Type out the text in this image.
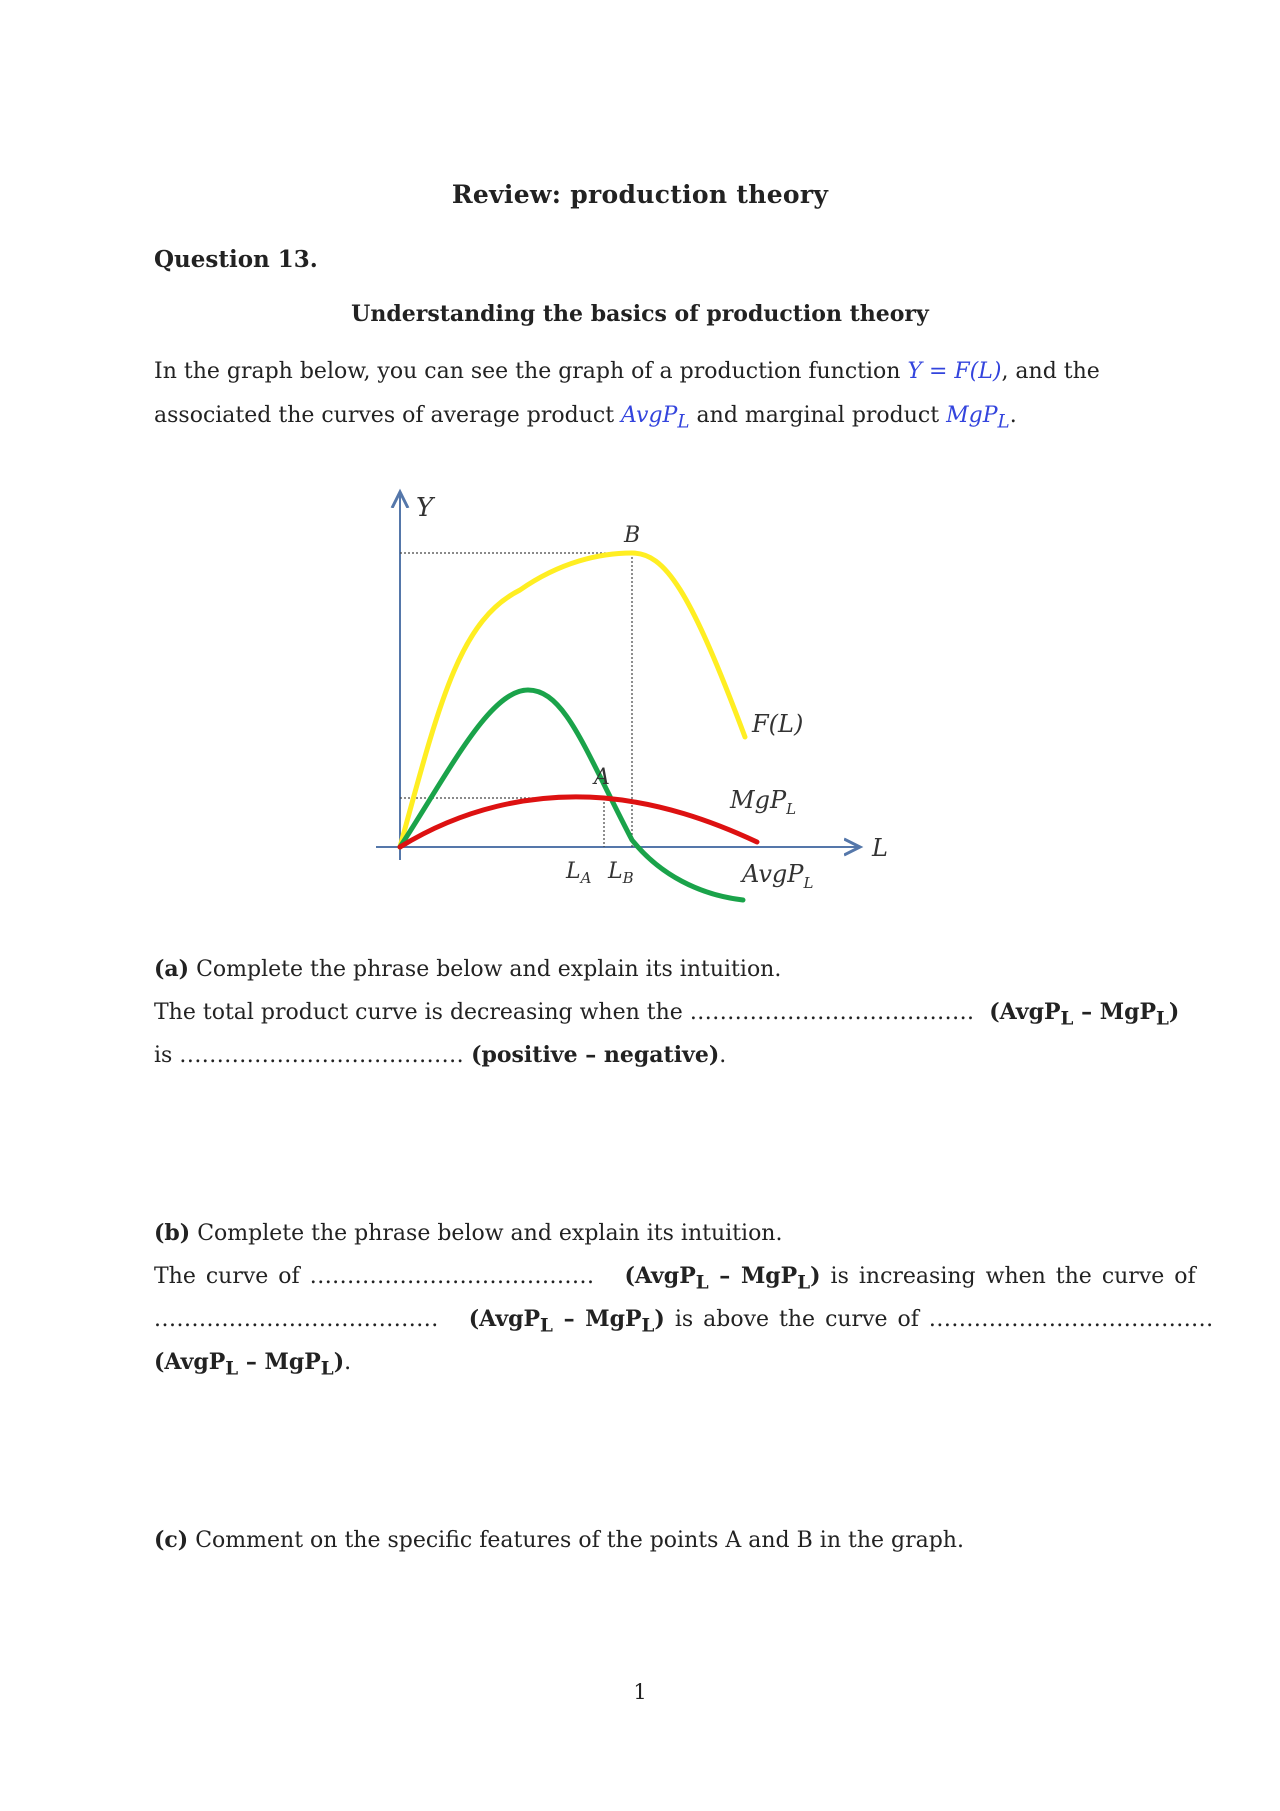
Review: production theory
Question 13.
Understanding the basics of production theory
In the graph below, you can see the graph of a production function Y = F(L), and the associated the curves of average product AvgP$_L$ and marginal product MgP$_L$.
Y
L
B
A
F(L)
MgP$_L$
AvgP$_L$
$L_A$ $L_B$
(a) Complete the phrase below and explain its intuition.
The total product curve is decreasing when the ...................................... (AvgP$_L$ – MgP$_L$)
is ...................................... (positive – negative).
(b) Complete the phrase below and explain its intuition.
The curve of ...................................... (AvgP$_L$ – MgP$_L$) is increasing when the curve of
...................................... (AvgP$_L$ – MgP$_L$) is above the curve of ......................................
(AvgP$_L$ – MgP$_L$).
(c) Comment on the specific features of the points A and B in the graph.
1
